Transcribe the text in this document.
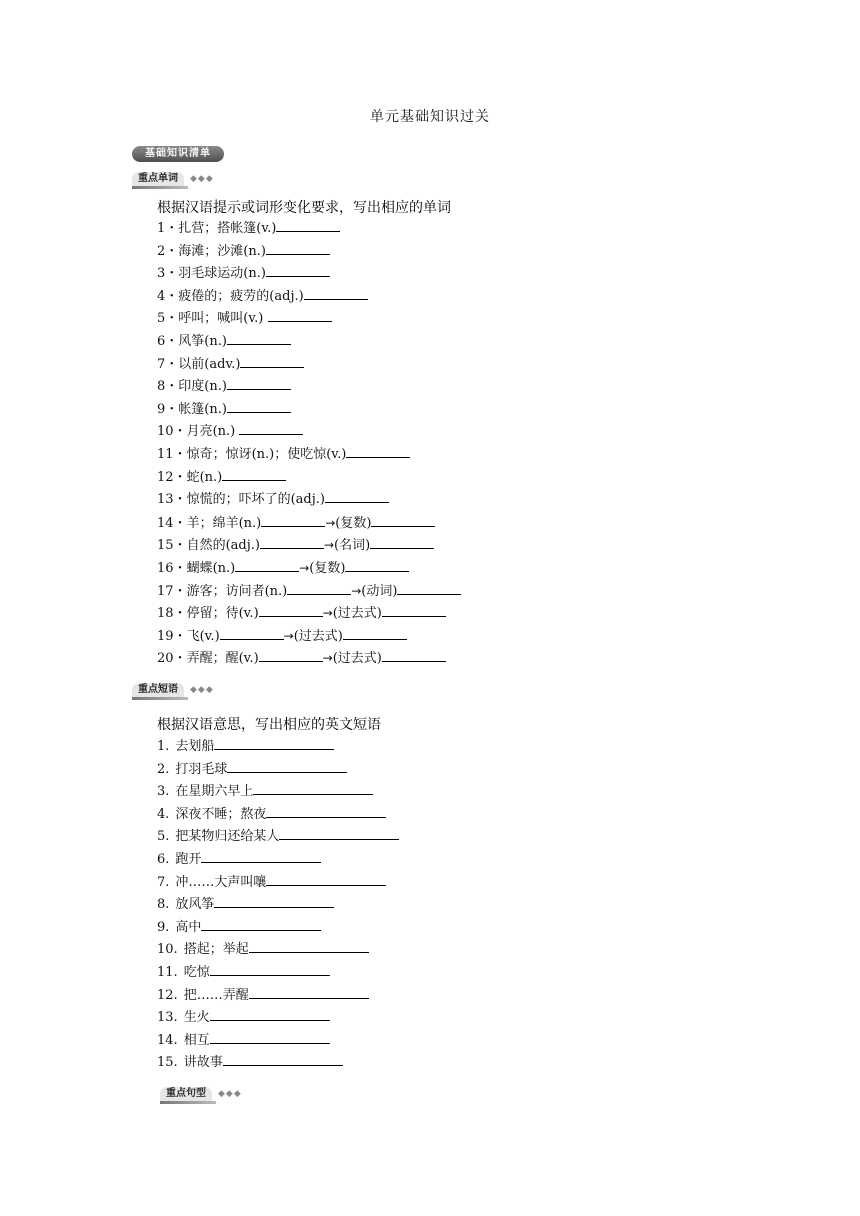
单元基础知识过关
基础知识清单
重点单词 ◆◆◆
根据汉语提示或词形变化要求，写出相应的单词
1・扎营；搭帐篷(v.)
2・海滩；沙滩(n.)
3・羽毛球运动(n.)
4・疲倦的；疲劳的(adj.)
5・呼叫；喊叫(v.)
6・风筝(n.)
7・以前(adv.)
8・印度(n.)
9・帐篷(n.)
10・月亮(n.)
11・惊奇；惊讶(n.)；使吃惊(v.)
12・蛇(n.)
13・惊慌的；吓坏了的(adj.)
14・羊；绵羊(n.)	→(复数)
15・自然的(adj.)	→(名词)
16・蝴蝶(n.)	→(复数)
17・游客；访问者(n.)	→(动词)
18・停留；待(v.)	→(过去式)
19・飞(v.)	→(过去式)
20・弄醒；醒(v.)	→(过去式)
重点短语 ◆◆◆
根据汉语意思，写出相应的英文短语
1. 去划船
2. 打羽毛球
3. 在星期六早上
4. 深夜不睡；熬夜
5. 把某物归还给某人
6. 跑开
7. 冲……大声叫嚷
8. 放风筝
9. 高中
10. 搭起；举起
11. 吃惊
12. 把……弄醒
13. 生火
14. 相互
15. 讲故事
重点句型 ◆◆◆
